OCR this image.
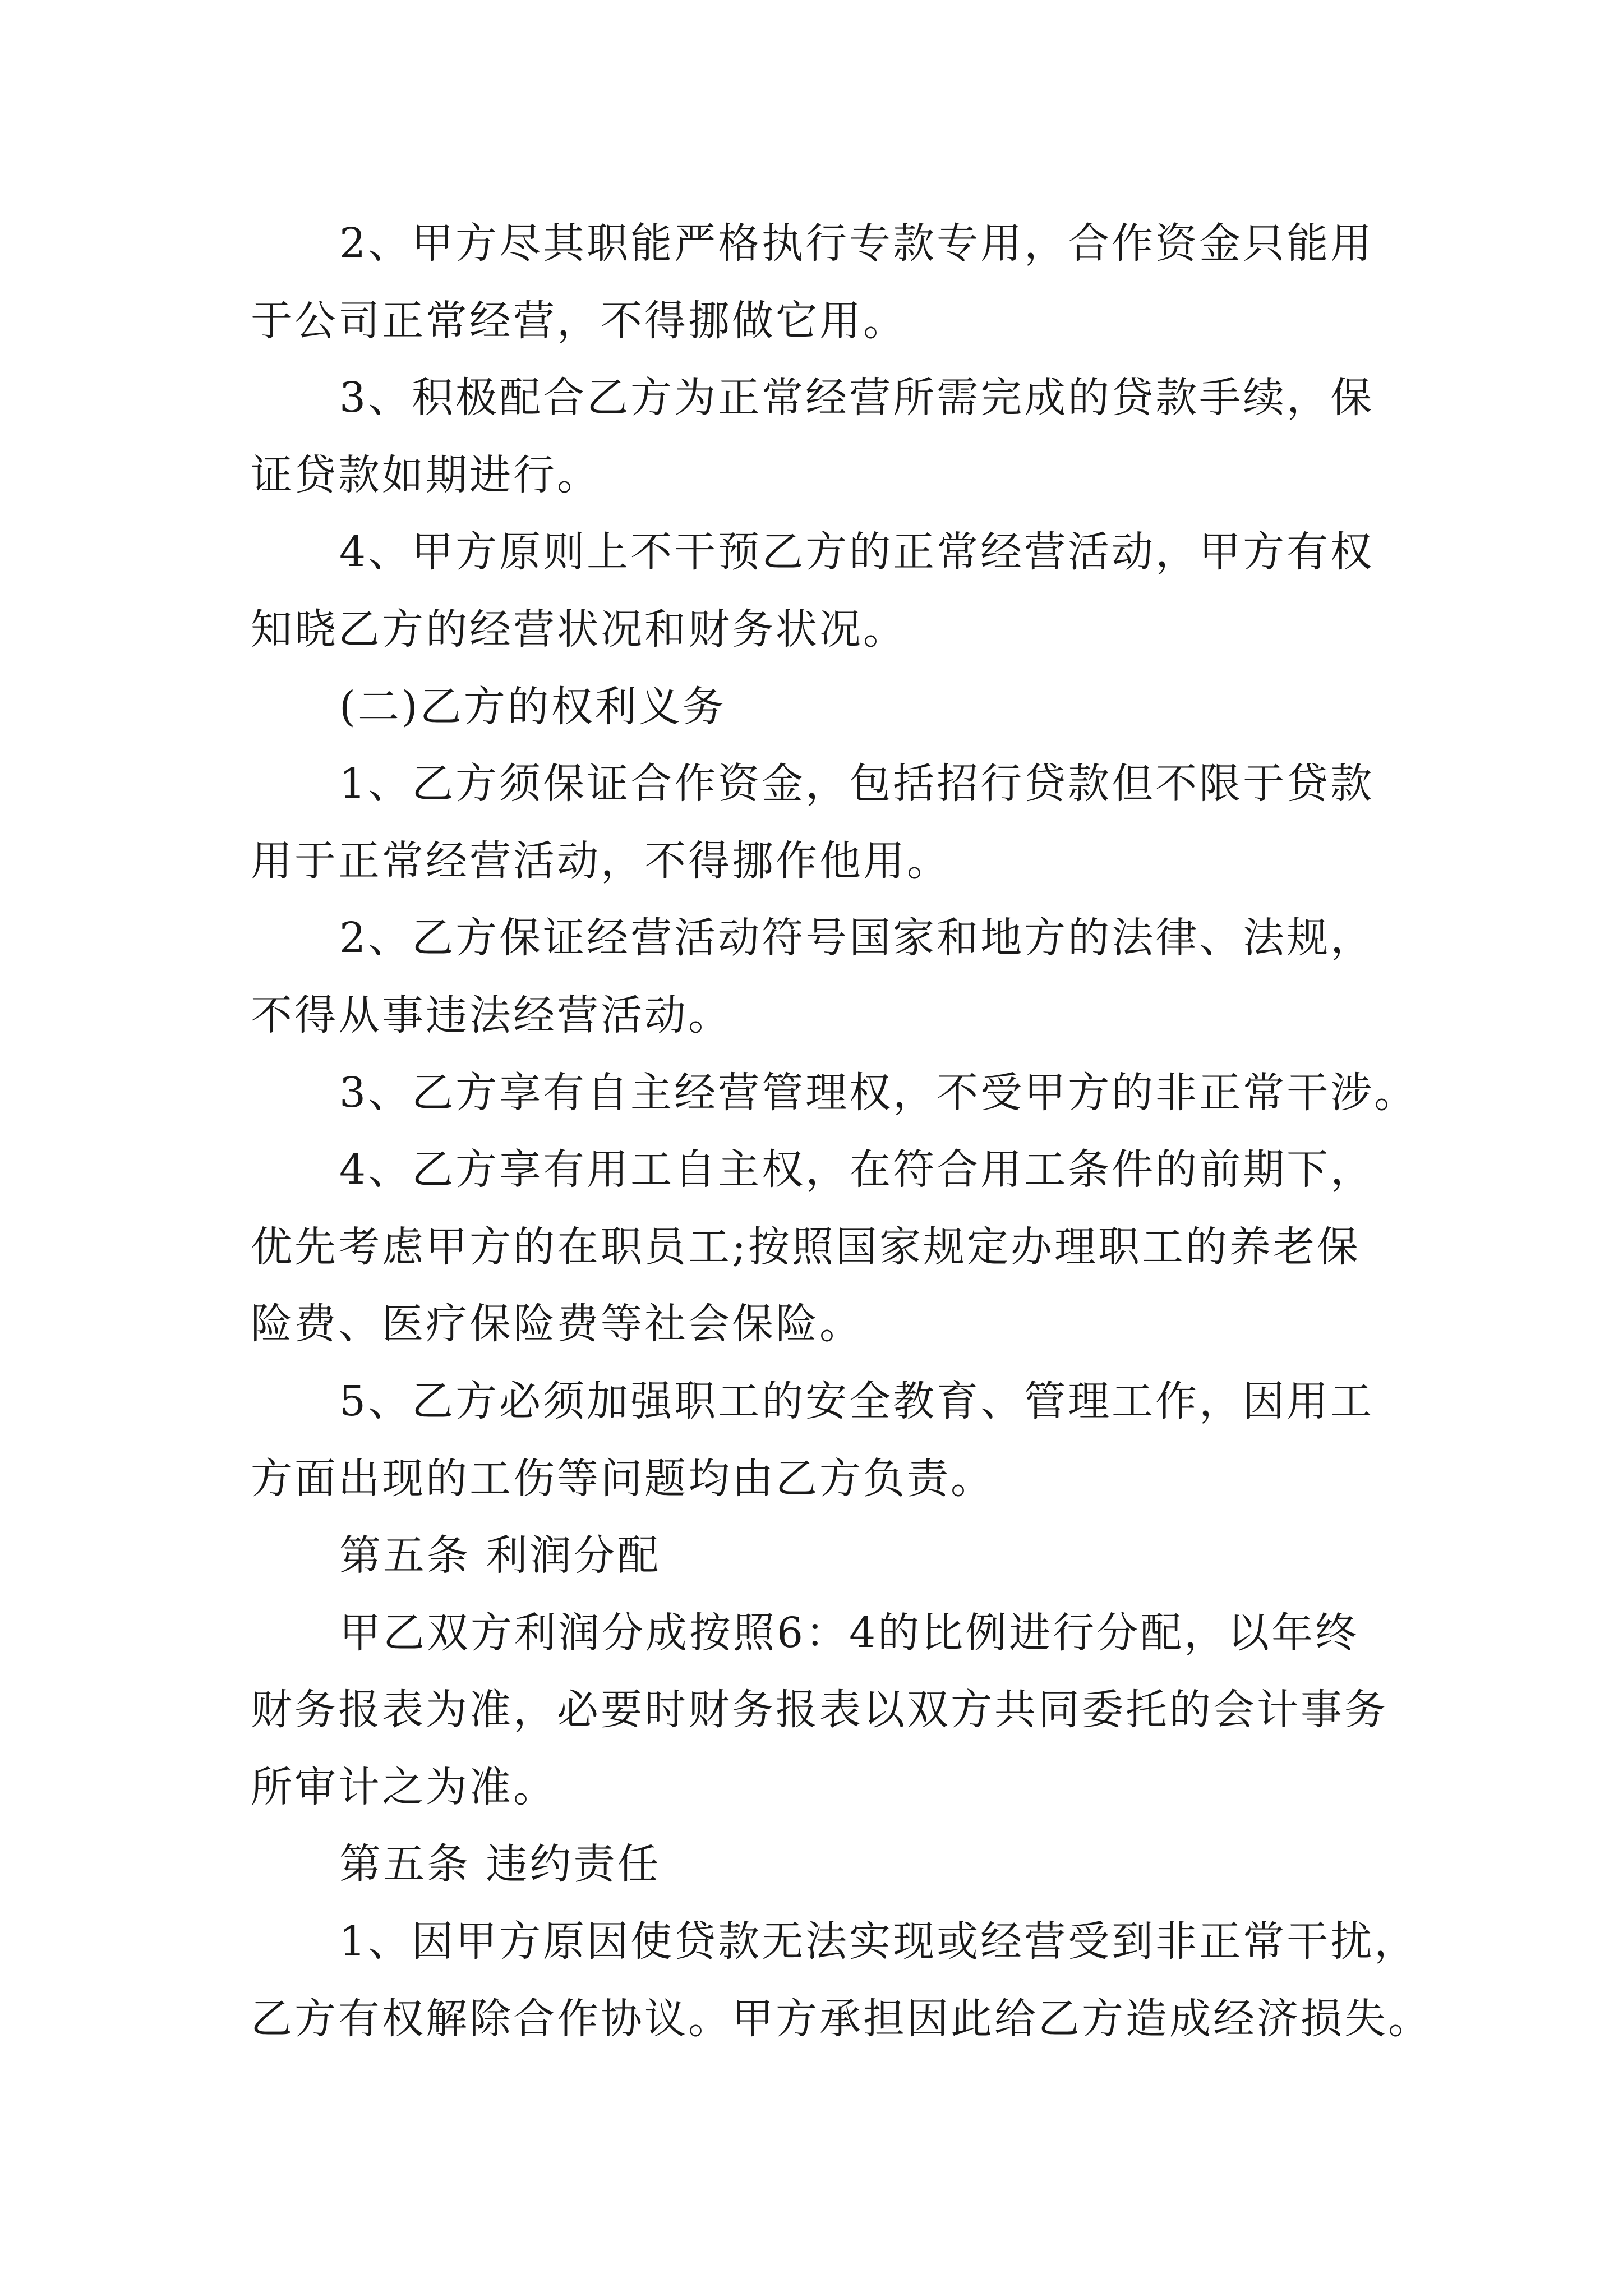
2、甲方尽其职能严格执行专款专用，合作资金只能用
于公司正常经营，不得挪做它用。
3、积极配合乙方为正常经营所需完成的贷款手续，保
证贷款如期进行。
4、甲方原则上不干预乙方的正常经营活动，甲方有权
知晓乙方的经营状况和财务状况。
(二)乙方的权利义务
1、乙方须保证合作资金，包括招行贷款但不限于贷款
用于正常经营活动，不得挪作他用。
2、乙方保证经营活动符号国家和地方的法律、法规，
不得从事违法经营活动。
3、乙方享有自主经营管理权，不受甲方的非正常干涉。
4、乙方享有用工自主权，在符合用工条件的前期下，
优先考虑甲方的在职员工;按照国家规定办理职工的养老保
险费、医疗保险费等社会保险。
5、乙方必须加强职工的安全教育、管理工作，因用工
方面出现的工伤等问题均由乙方负责。
第五条 利润分配
甲乙双方利润分成按照6：4的比例进行分配，以年终
财务报表为准，必要时财务报表以双方共同委托的会计事务
所审计之为准。
第五条 违约责任
1、因甲方原因使贷款无法实现或经营受到非正常干扰，
乙方有权解除合作协议。甲方承担因此给乙方造成经济损失。
